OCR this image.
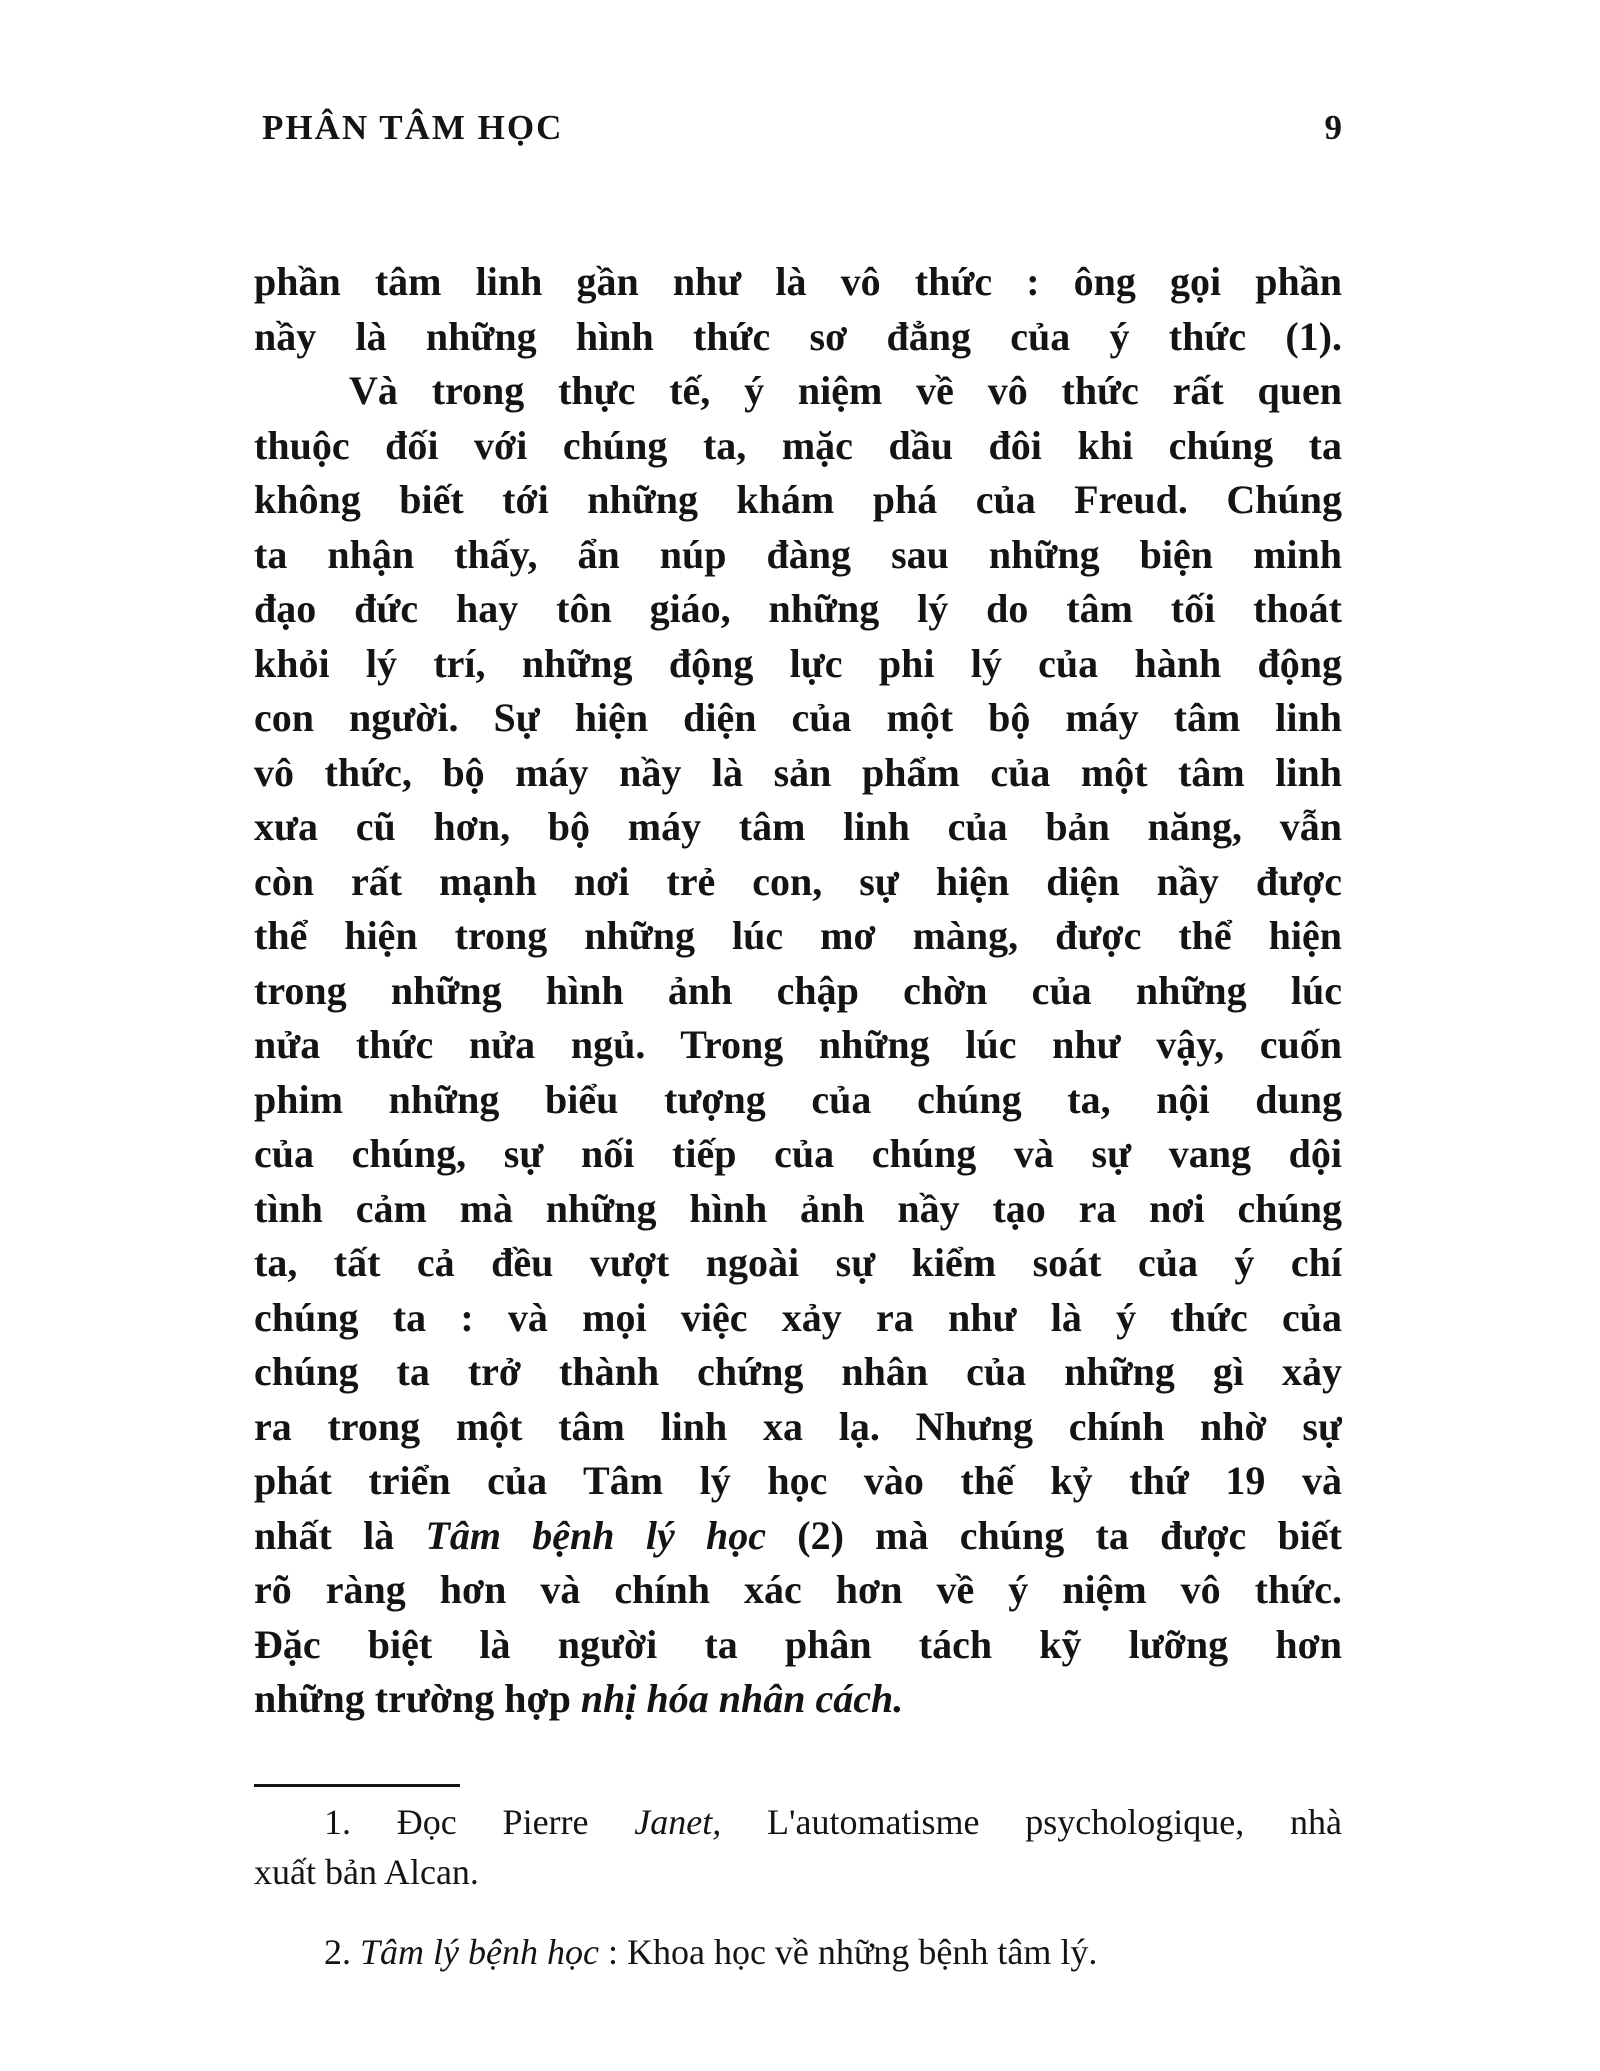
PHÂN TÂM HỌC	9
phần tâm linh gần như là vô thức : ông gọi phần
nầy là những hình thức sơ đẳng của ý thức (1).
Và trong thực tế, ý niệm về vô thức rất quen
thuộc đối với chúng ta, mặc dầu đôi khi chúng ta
không biết tới những khám phá của Freud. Chúng
ta nhận thấy, ẩn núp đàng sau những biện minh
đạo đức hay tôn giáo, những lý do tâm tối thoát
khỏi lý trí, những động lực phi lý của hành động
con người. Sự hiện diện của một bộ máy tâm linh
vô thức, bộ máy nầy là sản phẩm của một tâm linh
xưa cũ hơn, bộ máy tâm linh của bản năng, vẫn
còn rất mạnh nơi trẻ con, sự hiện diện nầy được
thể hiện trong những lúc mơ màng, được thể hiện
trong những hình ảnh chập chờn của những lúc
nửa thức nửa ngủ. Trong những lúc như vậy, cuốn
phim những biểu tượng của chúng ta, nội dung
của chúng, sự nối tiếp của chúng và sự vang dội
tình cảm mà những hình ảnh nầy tạo ra nơi chúng
ta, tất cả đều vượt ngoài sự kiểm soát của ý chí
chúng ta : và mọi việc xảy ra như là ý thức của
chúng ta trở thành chứng nhân của những gì xảy
ra trong một tâm linh xa lạ. Nhưng chính nhờ sự
phát triển của Tâm lý học vào thế kỷ thứ 19 và
nhất là Tâm bệnh lý học (2) mà chúng ta được biết
rõ ràng hơn và chính xác hơn về ý niệm vô thức.
Đặc biệt là người ta phân tách kỹ lưỡng hơn
những trường hợp nhị hóa nhân cách.
1. Đọc Pierre Janet, L'automatisme psychologique, nhà
xuất bản Alcan.
2. Tâm lý bệnh học : Khoa học về những bệnh tâm lý.
